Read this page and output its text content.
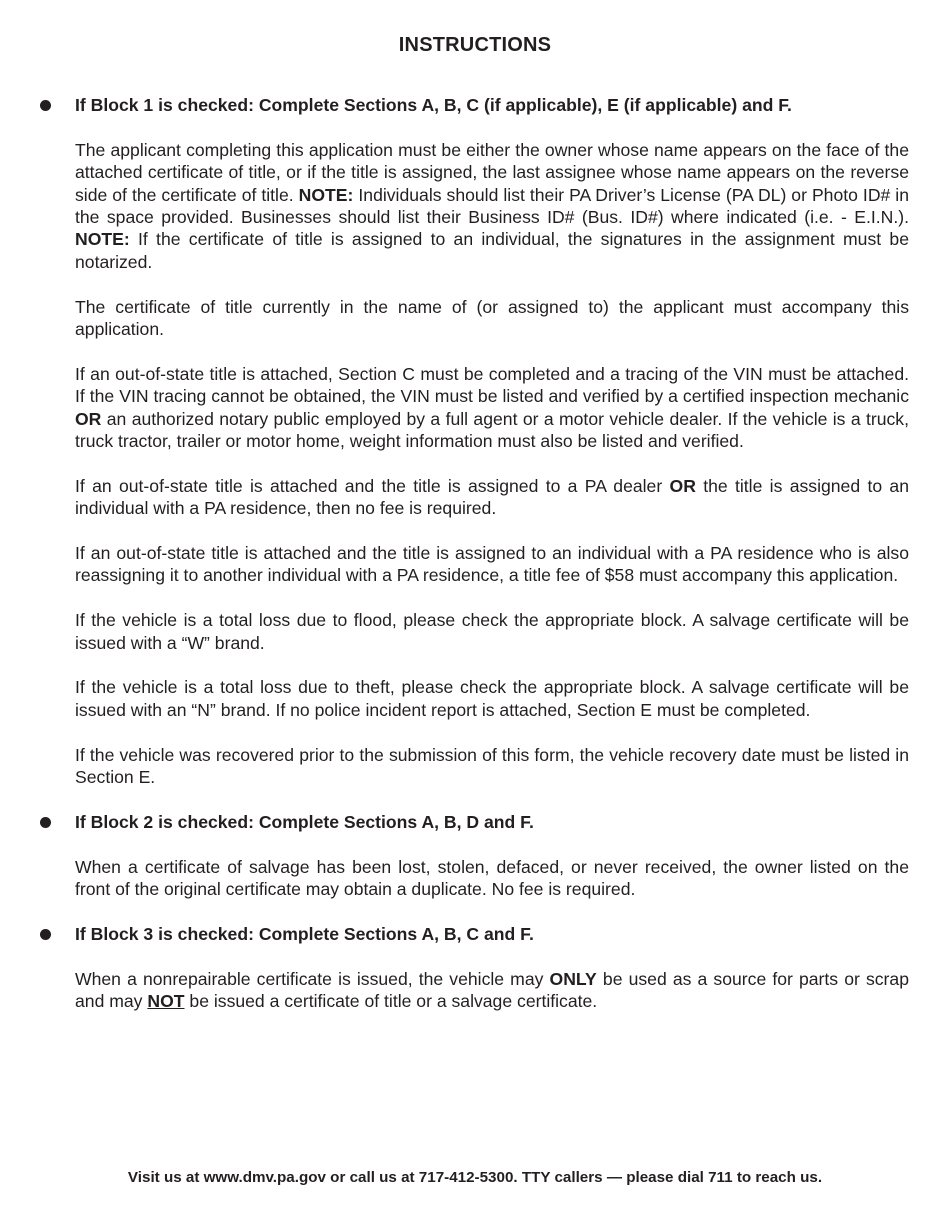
INSTRUCTIONS

If Block 1 is checked: Complete Sections A, B, C (if applicable), E (if applicable) and F.

The applicant completing this application must be either the owner whose name appears on the face of the attached certificate of title, or if the title is assigned, the last assignee whose name appears on the reverse side of the certificate of title. NOTE: Individuals should list their PA Driver’s License (PA DL) or Photo ID# in the space provided. Businesses should list their Business ID# (Bus. ID#) where indicated (i.e. - E.I.N.). NOTE: If the certificate of title is assigned to an individual, the signatures in the assignment must be notarized.

The certificate of title currently in the name of (or assigned to) the applicant must accompany this application.

If an out-of-state title is attached, Section C must be completed and a tracing of the VIN must be attached. If the VIN tracing cannot be obtained, the VIN must be listed and verified by a certified inspection mechanic OR an authorized notary public employed by a full agent or a motor vehicle dealer. If the vehicle is a truck, truck tractor, trailer or motor home, weight information must also be listed and verified.

If an out-of-state title is attached and the title is assigned to a PA dealer OR the title is assigned to an individual with a PA residence, then no fee is required.

If an out-of-state title is attached and the title is assigned to an individual with a PA residence who is also reassigning it to another individual with a PA residence, a title fee of $58 must accompany this application.

If the vehicle is a total loss due to flood, please check the appropriate block. A salvage certificate will be issued with a “W” brand.

If the vehicle is a total loss due to theft, please check the appropriate block. A salvage certificate will be issued with an “N” brand. If no police incident report is attached, Section E must be completed.

If the vehicle was recovered prior to the submission of this form, the vehicle recovery date must be listed in Section E.

If Block 2 is checked: Complete Sections A, B, D and F.

When a certificate of salvage has been lost, stolen, defaced, or never received, the owner listed on the front of the original certificate may obtain a duplicate. No fee is required.

If Block 3 is checked: Complete Sections A, B, C and F.

When a nonrepairable certificate is issued, the vehicle may ONLY be used as a source for parts or scrap and may NOT be issued a certificate of title or a salvage certificate.

Visit us at www.dmv.pa.gov or call us at 717-412-5300. TTY callers — please dial 711 to reach us.
